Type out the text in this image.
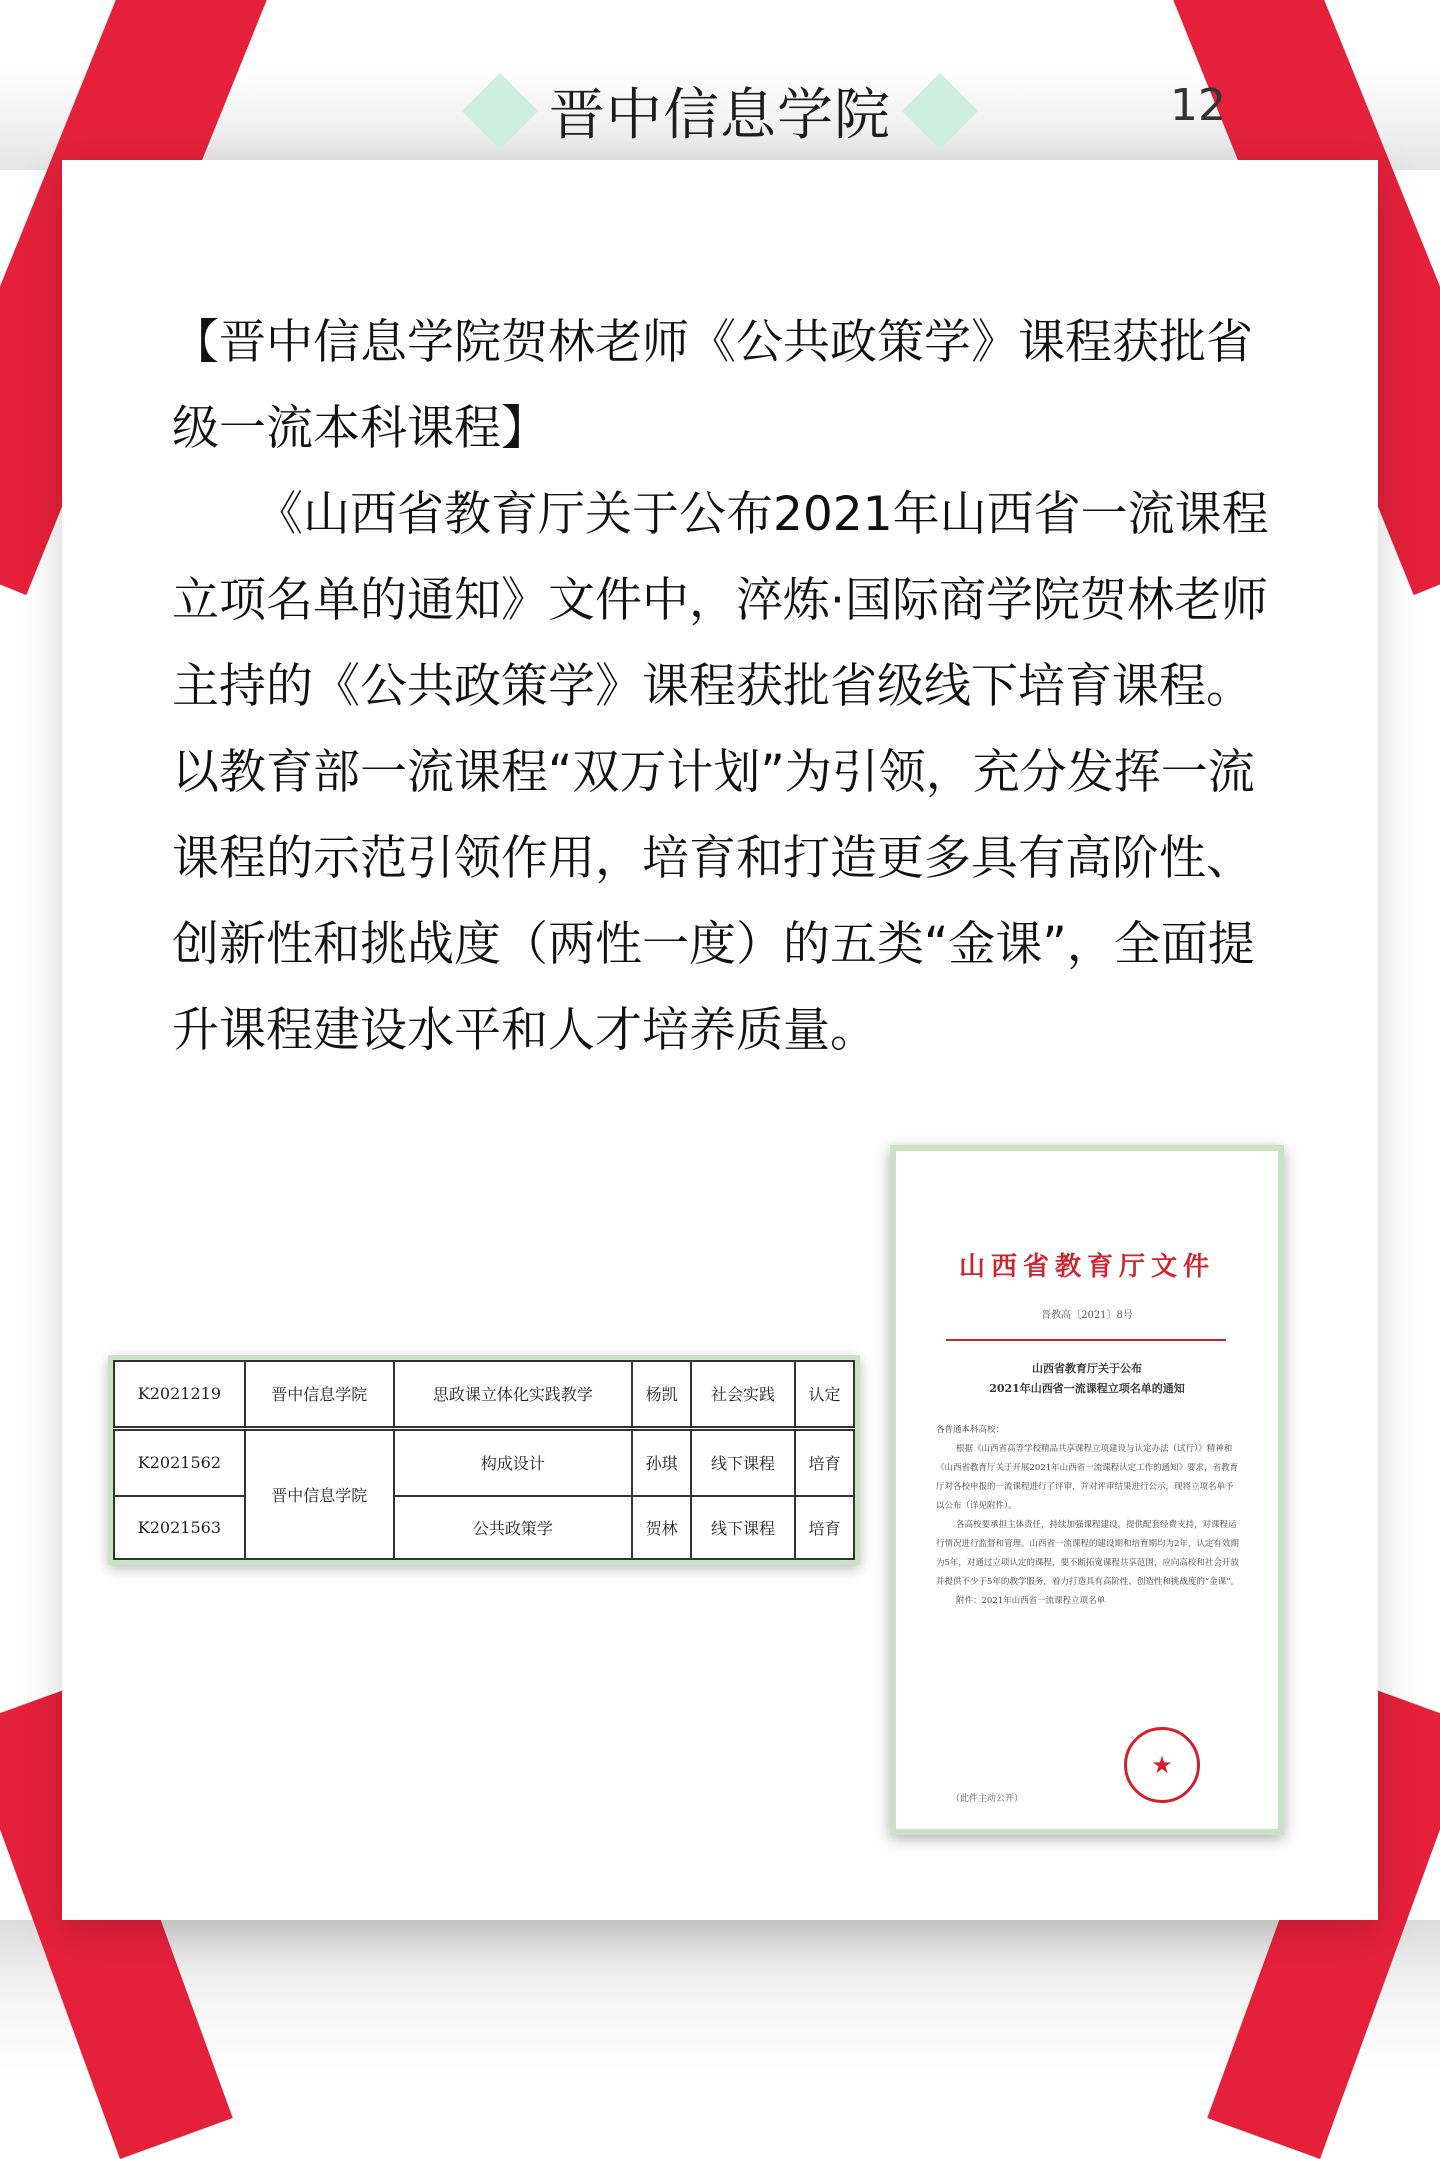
晋中信息学院	12

【晋中信息学院贺林老师《公共政策学》课程获批省级一流本科课程】

《山西省教育厅关于公布2021年山西省一流课程立项名单的通知》文件中，淬炼·国际商学院贺林老师主持的《公共政策学》课程获批省级线下培育课程。以教育部一流课程“双万计划”为引领，充分发挥一流课程的示范引领作用，培育和打造更多具有高阶性、创新性和挑战度（两性一度）的五类“金课”，全面提升课程建设水平和人才培养质量。

K2021219	晋中信息学院	思政课立体化实践教学	杨凯	社会实践	认定
K2021562	晋中信息学院	构成设计	孙琪	线下课程	培育
K2021563		公共政策学	贺林	线下课程	培育
山西省教育厅文件
晋教高〔2021〕8号
山西省教育厅关于公布
2021年山西省一流课程立项名单的通知

各普通本科高校：

根据《山西省高等学校精品共享课程立项建设与认定办法（试行）》精神和《山西省教育厅关于开展2021年山西省一流课程认定工作的通知》要求，省教育厅对各校申报的一流课程进行了评审，并对评审结果进行公示，现将立项名单予以公布（详见附件）。

各高校要承担主体责任，持续加强课程建设，提供配套经费支持，对课程运行情况进行监督和管理。山西省一流课程的建设期和培育期均为2年，认定有效期为5年，对通过立项认定的课程，要不断拓宽课程共享范围，应向高校和社会开放并提供不少于5年的教学服务，着力打造具有高阶性、创造性和挑战度的“金课”。

附件：2021年山西省一流课程立项名单

★
（此件主动公开）
